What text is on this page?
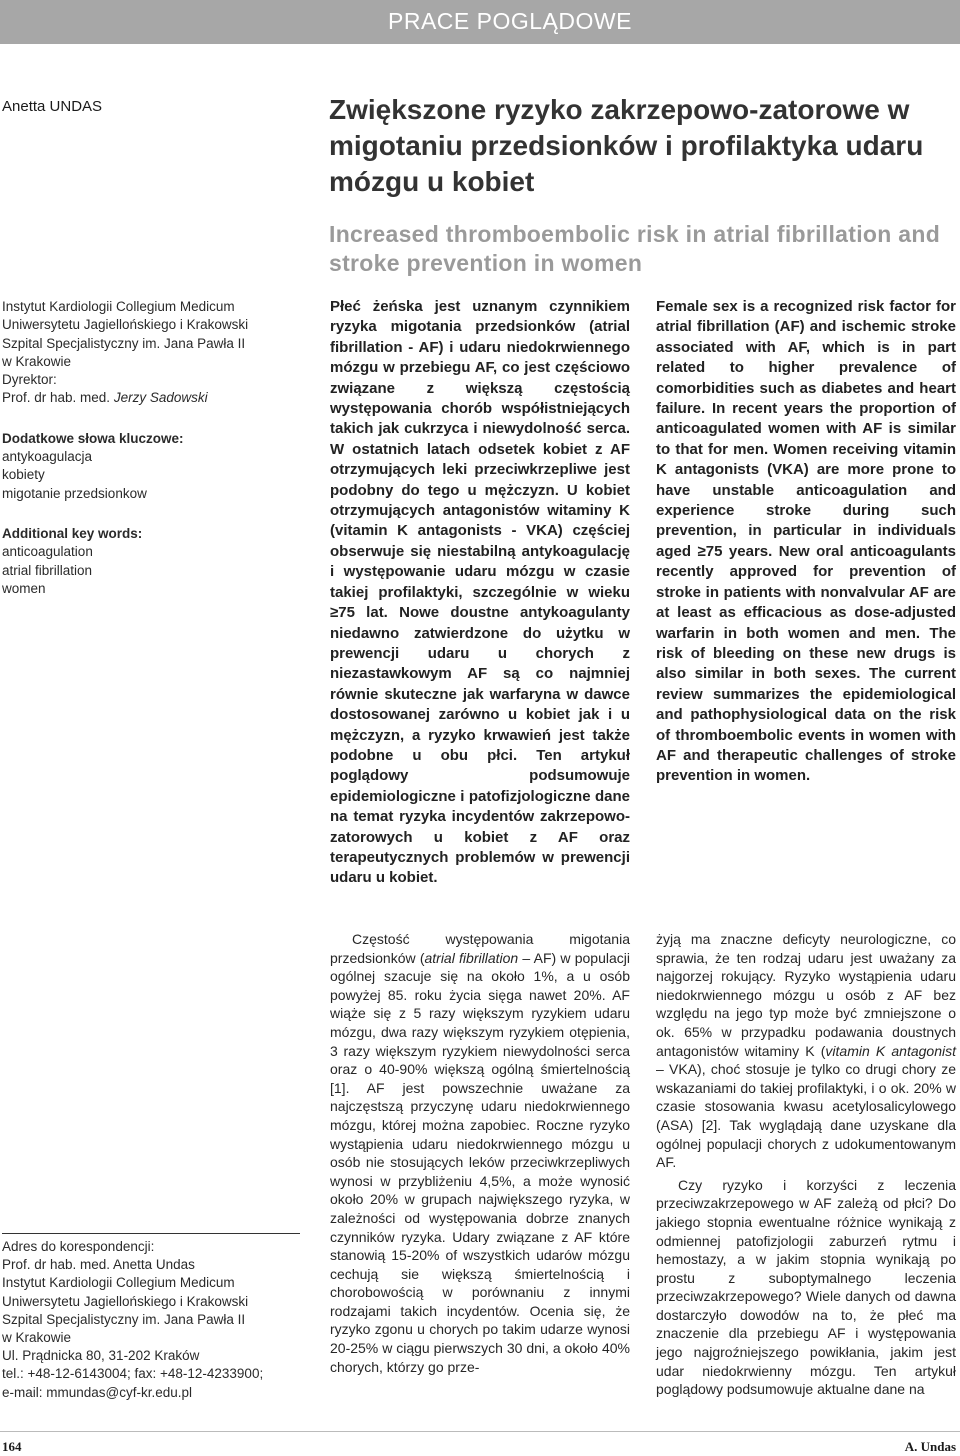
PRACE POGLĄDOWE
Anetta UNDAS	Zwiększone ryzyko zakrzepowo-zatorowe w migotaniu przedsionków i profilaktyka udaru mózgu u kobiet
Increased thromboembolic risk in atrial fibrillation and stroke prevention in women
Instytut Kardiologii Collegium Medicum
Uniwersytetu Jagiellońskiego i Krakowski
Szpital Specjalistyczny im. Jana Pawła II
w Krakowie
Dyrektor:
Prof. dr hab. med. Jerzy Sadowski
Dodatkowe słowa kluczowe:
antykoagulacja
kobiety
migotanie przedsionkow
Additional key words:
anticoagulation
atrial fibrillation
women
Płeć żeńska jest uznanym czynnikiem ryzyka migotania przedsionków (atrial fibrillation - AF) i udaru niedokrwiennego mózgu w przebiegu AF, co jest częściowo związane z większą częstością występowania chorób współistniejących takich jak cukrzyca i niewydolność serca. W ostatnich latach odsetek kobiet z AF otrzymujących leki przeciwkrzepliwe jest podobny do tego u mężczyzn. U kobiet otrzymujących antagonistów witaminy K (vitamin K antagonists - VKA) częściej obserwuje się niestabilną antykoagulację i występowanie udaru mózgu w czasie takiej profilaktyki, szczególnie w wieku ≥75 lat. Nowe doustne antykoagulanty niedawno zatwierdzone do użytku w prewencji udaru u chorych z niezastawkowym AF są co najmniej równie skuteczne jak warfaryna w dawce dostosowanej zarówno u kobiet jak i u mężczyzn, a ryzyko krwawień jest także podobne u obu płci. Ten artykuł poglądowy podsumowuje epidemiologiczne i patofizjologiczne dane na temat ryzyka incydentów zakrzepowo-zatorowych u kobiet z AF oraz terapeutycznych problemów w prewencji udaru u kobiet.
Female sex is a recognized risk factor for atrial fibrillation (AF) and ischemic stroke associated with AF, which is in part related to higher prevalence of comorbidities such as diabetes and heart failure. In recent years the proportion of anticoagulated women with AF is similar to that for men. Women receiving vitamin K antagonists (VKA) are more prone to have unstable anticoagulation and experience stroke during such prevention, in particular in individuals aged ≥75 years. New oral anticoagulants recently approved for prevention of stroke in patients with nonvalvular AF are at least as efficacious as dose-adjusted warfarin in both women and men. The risk of bleeding on these new drugs is also similar in both sexes. The current review summarizes the epidemiological and pathophysiological data on the risk of thromboembolic events in women with AF and therapeutic challenges of stroke prevention in women.

Częstość występowania migotania przedsionków (atrial fibrillation – AF) w populacji ogólnej szacuje się na około 1%, a u osób powyżej 85. roku życia sięga nawet 20%. AF wiąże się z 5 razy większym ryzykiem udaru mózgu, dwa razy większym ryzykiem otępienia, 3 razy większym ryzykiem niewydolności serca oraz o 40-90% większą ogólną śmiertelnością [1]. AF jest powszechnie uważane za najczęstszą przyczynę udaru niedokrwiennego mózgu, której można zapobiec. Roczne ryzyko wystąpienia udaru niedokrwiennego mózgu u osób nie stosujących leków przeciwkrzepliwych wynosi w przybliżeniu 4,5%, a może wynosić około 20% w grupach największego ryzyka, w zależności od występowania dobrze znanych czynników ryzyka. Udary związane z AF które stanowią 15-20% of wszystkich udarów mózgu cechują sie większą śmiertelnością i chorobowością w porównaniu z innymi rodzajami takich incydentów. Ocenia się, że ryzyko zgonu u chorych po takim udarze wynosi 20-25% w ciągu pierwszych 30 dni, a około 40% chorych, którzy go prze-

żyją ma znaczne deficyty neurologiczne, co sprawia, że ten rodzaj udaru jest uważany za najgorzej rokujący. Ryzyko wystąpienia udaru niedokrwiennego mózgu u osób z AF bez względu na jego typ może być zmniejszone o ok. 65% w przypadku podawania doustnych antagonistów witaminy K (vitamin K antagonist – VKA), choć stosuje je tylko co drugi chory ze wskazaniami do takiej profilaktyki, i o ok. 20% w czasie stosowania kwasu acetylosalicylowego (ASA) [2]. Tak wyglądają dane uzyskane dla ogólnej populacji chorych z udokumentowanym AF.

Czy ryzyko i korzyści z leczenia przeciwzakrzepowego w AF zależą od płci? Do jakiego stopnia ewentualne różnice wynikają z odmiennej patofizjologii zaburzeń rytmu i hemostazy, a w jakim stopnia wynikają po prostu z suboptymalnego leczenia przeciwzakrzepowego? Wiele danych od dawna dostarczyło dowodów na to, że płeć ma znaczenie dla przebiegu AF i występowania jego najgroźniejszego powikłania, jakim jest udar niedokrwienny mózgu. Ten artykuł poglądowy podsumowuje aktualne dane na

Adres do korespondencji:
Prof. dr hab. med. Anetta Undas
Instytut Kardiologii Collegium Medicum
Uniwersytetu Jagiellońskiego i Krakowski
Szpital Specjalistyczny im. Jana Pawła II
w Krakowie
Ul. Prądnicka 80, 31-202 Kraków
tel.: +48-12-6143004; fax: +48-12-4233900;
e-mail: mmundas@cyf-kr.edu.pl
164	A. Undas
